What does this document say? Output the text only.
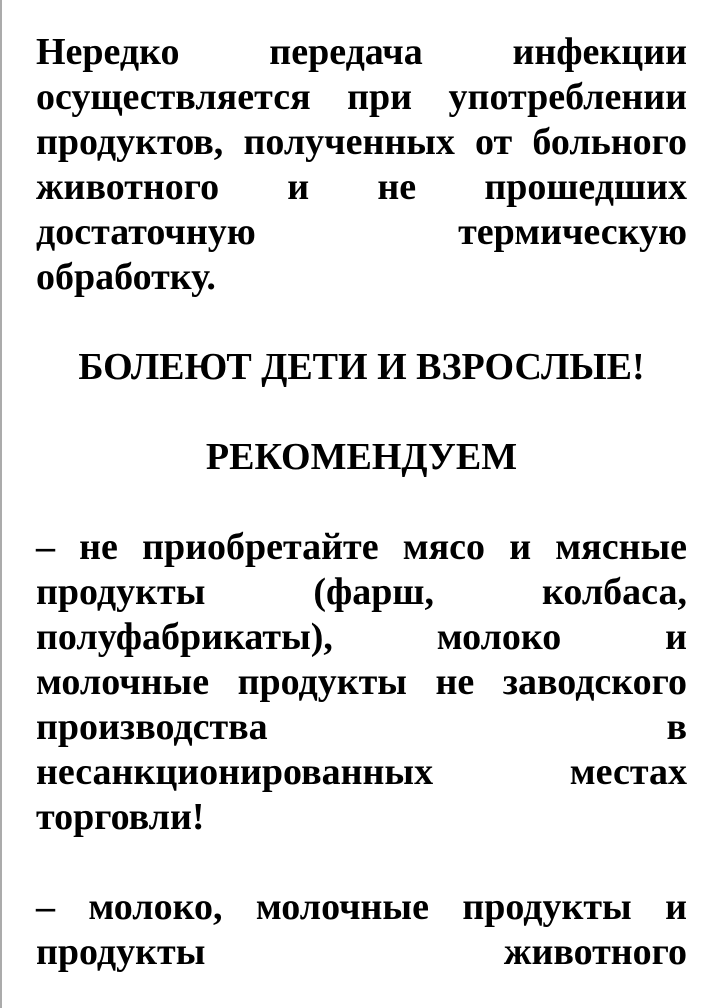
Нередко передача инфекции
осуществляется при употреблении
продуктов, полученных от больного
животного и не прошедших
достаточную термическую
обработку.
БОЛЕЮТ ДЕТИ И ВЗРОСЛЫЕ!
РЕКОМЕНДУЕМ
– не приобретайте мясо и мясные
продукты (фарш, колбаса,
полуфабрикаты), молоко и
молочные продукты не заводского
производства в
несанкционированных местах
торговли!
– молоко, молочные продукты и
продукты животного
